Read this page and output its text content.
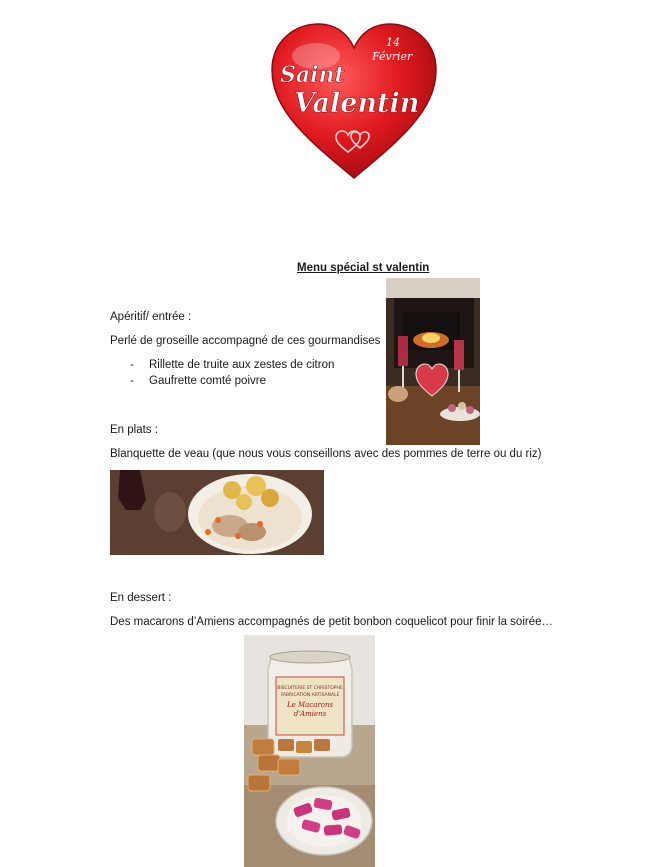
14
Février
Saint
Valentin
Menu spécial st valentin
Apéritif/ entrée :
Perlé de groseille accompagné de ces gourmandises
- Rillette de truite aux zestes de citron
- Gaufrette comté poivre
En plats :
Blanquette de veau (que nous vous conseillons avec des pommes de terre ou du riz)
En dessert :
Des macarons d’Amiens accompagnés de petit bonbon coquelicot pour finir la soirée…
BISCUITERIE ST CHRISTOPHE
FABRICATION ARTISANALE
Le Macarons
d'Amiens
